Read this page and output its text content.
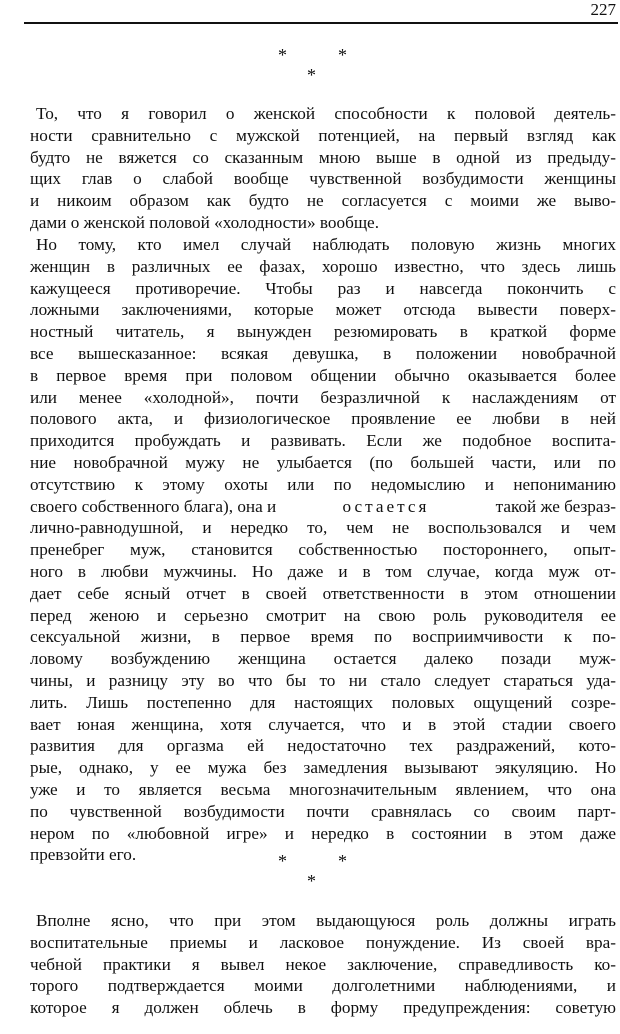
227
*	*
*
То, что я говорил о женской способности к половой деятель-
ности сравнительно с мужской потенцией, на первый взгляд как
будто не вяжется со сказанным мною выше в одной из предыду-
щих глав о слабой вообще чувственной возбудимости женщины
и никоим образом как будто не согласуется с моими же выво-
дами о женской половой «холодности» вообще.
Но тому, кто имел случай наблюдать половую жизнь многих
женщин в различных ее фазах, хорошо известно, что здесь лишь
кажущееся противоречие. Чтобы раз и навсегда покончить с
ложными заключениями, которые может отсюда вывести поверх-
ностный читатель, я вынужден резюмировать в краткой форме
все вышесказанное: всякая девушка, в положении новобрачной
в первое время при половом общении обычно оказывается более
или менее «холодной», почти безразличной к наслаждениям от
полового акта, и физиологическое проявление ее любви в ней
приходится пробуждать и развивать. Если же подобное воспита-
ние новобрачной мужу не улыбается (по большей части, или по
отсутствию к этому охоты или по недомыслию и непониманию
своего собственного блага), она и	остается	такой же безраз-
лично-равнодушной, и нередко то, чем не воспользовался и чем
пренебрег муж, становится собственностью постороннего, опыт-
ного в любви мужчины. Но даже и в том случае, когда муж от-
дает себе ясный отчет в своей ответственности в этом отношении
перед женою и серьезно смотрит на свою роль руководителя ее
сексуальной жизни, в первое время по восприимчивости к по-
ловому возбуждению женщина остается далеко позади муж-
чины, и разницу эту во что бы то ни стало следует стараться уда-
лить. Лишь постепенно для настоящих половых ощущений созре-
вает юная женщина, хотя случается, что и в этой стадии своего
развития для оргазма ей недостаточно тех раздражений, кото-
рые, однако, у ее мужа без замедления вызывают эякуляцию. Но
уже и то является весьма многозначительным явлением, что она
по чувственной возбудимости почти сравнялась со своим парт-
нером по «любовной игре» и нередко в состоянии в этом даже
превзойти его.	*	*
*
Вполне ясно, что при этом выдающуюся роль должны играть
воспитательные приемы и ласковое понуждение. Из своей вра-
чебной практики я вывел некое заключение, справедливость ко-
торого подтверждается моими долголетними наблюдениями, и
которое я должен облечь в форму предупреждения: советую
